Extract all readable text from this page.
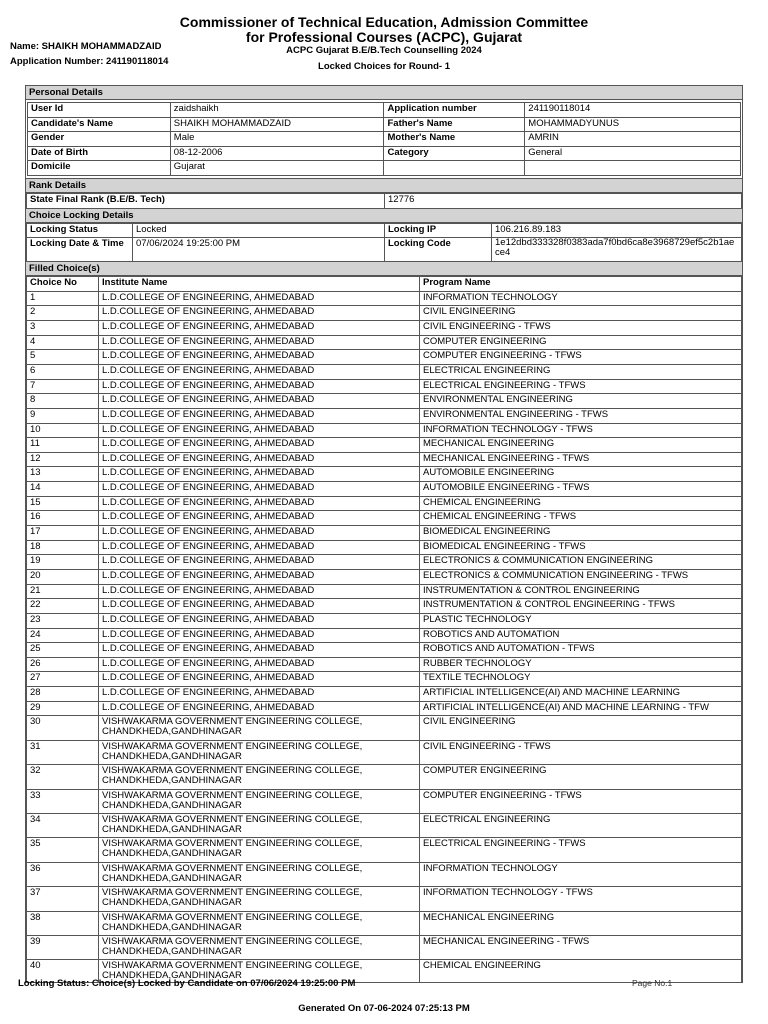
Commissioner of Technical Education, Admission Committee
for Professional Courses (ACPC), Gujarat
ACPC Gujarat B.E/B.Tech Counselling 2024
Locked Choices for Round- 1
Name: SHAIKH MOHAMMADZAID
Application Number: 241190118014
Personal Details
User Id	zaidshaikh	Application number	241190118014
Candidate's Name	SHAIKH MOHAMMADZAID	Father's Name	MOHAMMADYUNUS
Gender	Male	Mother's Name	AMRIN
Date of Birth	08-12-2006	Category	General
Domicile	Gujarat		
Rank Details
State Final Rank (B.E/B. Tech)	12776
Choice Locking Details
Locking Status	Locked	Locking IP	106.216.89.183
Locking Date & Time	07/06/2024 19:25:00 PM	Locking Code	1e12dbd333328f0383ada7f0bd6ca8e3968729ef5c2b1aece4
Filled Choice(s)
Choice No	Institute Name	Program Name
1	L.D.COLLEGE OF ENGINEERING, AHMEDABAD	INFORMATION TECHNOLOGY
2	L.D.COLLEGE OF ENGINEERING, AHMEDABAD	CIVIL ENGINEERING
3	L.D.COLLEGE OF ENGINEERING, AHMEDABAD	CIVIL ENGINEERING - TFWS
4	L.D.COLLEGE OF ENGINEERING, AHMEDABAD	COMPUTER ENGINEERING
5	L.D.COLLEGE OF ENGINEERING, AHMEDABAD	COMPUTER ENGINEERING - TFWS
6	L.D.COLLEGE OF ENGINEERING, AHMEDABAD	ELECTRICAL ENGINEERING
7	L.D.COLLEGE OF ENGINEERING, AHMEDABAD	ELECTRICAL ENGINEERING - TFWS
8	L.D.COLLEGE OF ENGINEERING, AHMEDABAD	ENVIRONMENTAL ENGINEERING
9	L.D.COLLEGE OF ENGINEERING, AHMEDABAD	ENVIRONMENTAL ENGINEERING - TFWS
10	L.D.COLLEGE OF ENGINEERING, AHMEDABAD	INFORMATION TECHNOLOGY - TFWS
11	L.D.COLLEGE OF ENGINEERING, AHMEDABAD	MECHANICAL ENGINEERING
12	L.D.COLLEGE OF ENGINEERING, AHMEDABAD	MECHANICAL ENGINEERING - TFWS
13	L.D.COLLEGE OF ENGINEERING, AHMEDABAD	AUTOMOBILE ENGINEERING
14	L.D.COLLEGE OF ENGINEERING, AHMEDABAD	AUTOMOBILE ENGINEERING - TFWS
15	L.D.COLLEGE OF ENGINEERING, AHMEDABAD	CHEMICAL ENGINEERING
16	L.D.COLLEGE OF ENGINEERING, AHMEDABAD	CHEMICAL ENGINEERING - TFWS
17	L.D.COLLEGE OF ENGINEERING, AHMEDABAD	BIOMEDICAL ENGINEERING
18	L.D.COLLEGE OF ENGINEERING, AHMEDABAD	BIOMEDICAL ENGINEERING - TFWS
19	L.D.COLLEGE OF ENGINEERING, AHMEDABAD	ELECTRONICS & COMMUNICATION ENGINEERING
20	L.D.COLLEGE OF ENGINEERING, AHMEDABAD	ELECTRONICS & COMMUNICATION ENGINEERING - TFWS
21	L.D.COLLEGE OF ENGINEERING, AHMEDABAD	INSTRUMENTATION & CONTROL ENGINEERING
22	L.D.COLLEGE OF ENGINEERING, AHMEDABAD	INSTRUMENTATION & CONTROL ENGINEERING - TFWS
23	L.D.COLLEGE OF ENGINEERING, AHMEDABAD	PLASTIC TECHNOLOGY
24	L.D.COLLEGE OF ENGINEERING, AHMEDABAD	ROBOTICS AND AUTOMATION
25	L.D.COLLEGE OF ENGINEERING, AHMEDABAD	ROBOTICS AND AUTOMATION - TFWS
26	L.D.COLLEGE OF ENGINEERING, AHMEDABAD	RUBBER TECHNOLOGY
27	L.D.COLLEGE OF ENGINEERING, AHMEDABAD	TEXTILE TECHNOLOGY
28	L.D.COLLEGE OF ENGINEERING, AHMEDABAD	ARTIFICIAL INTELLIGENCE(AI) AND MACHINE LEARNING
29	L.D.COLLEGE OF ENGINEERING, AHMEDABAD	ARTIFICIAL INTELLIGENCE(AI) AND MACHINE LEARNING - TFW
30	VISHWAKARMA GOVERNMENT ENGINEERING COLLEGE, CHANDKHEDA,GANDHINAGAR	CIVIL ENGINEERING
31	VISHWAKARMA GOVERNMENT ENGINEERING COLLEGE, CHANDKHEDA,GANDHINAGAR	CIVIL ENGINEERING - TFWS
32	VISHWAKARMA GOVERNMENT ENGINEERING COLLEGE, CHANDKHEDA,GANDHINAGAR	COMPUTER ENGINEERING
33	VISHWAKARMA GOVERNMENT ENGINEERING COLLEGE, CHANDKHEDA,GANDHINAGAR	COMPUTER ENGINEERING - TFWS
34	VISHWAKARMA GOVERNMENT ENGINEERING COLLEGE, CHANDKHEDA,GANDHINAGAR	ELECTRICAL ENGINEERING
35	VISHWAKARMA GOVERNMENT ENGINEERING COLLEGE, CHANDKHEDA,GANDHINAGAR	ELECTRICAL ENGINEERING - TFWS
36	VISHWAKARMA GOVERNMENT ENGINEERING COLLEGE, CHANDKHEDA,GANDHINAGAR	INFORMATION TECHNOLOGY
37	VISHWAKARMA GOVERNMENT ENGINEERING COLLEGE, CHANDKHEDA,GANDHINAGAR	INFORMATION TECHNOLOGY - TFWS
38	VISHWAKARMA GOVERNMENT ENGINEERING COLLEGE, CHANDKHEDA,GANDHINAGAR	MECHANICAL ENGINEERING
39	VISHWAKARMA GOVERNMENT ENGINEERING COLLEGE, CHANDKHEDA,GANDHINAGAR	MECHANICAL ENGINEERING - TFWS
40	VISHWAKARMA GOVERNMENT ENGINEERING COLLEGE, CHANDKHEDA,GANDHINAGAR	CHEMICAL ENGINEERING
Locking Status: Choice(s) Locked by Candidate on 07/06/2024 19:25:00 PM	Page No.1
Generated On 07-06-2024 07:25:13 PM
